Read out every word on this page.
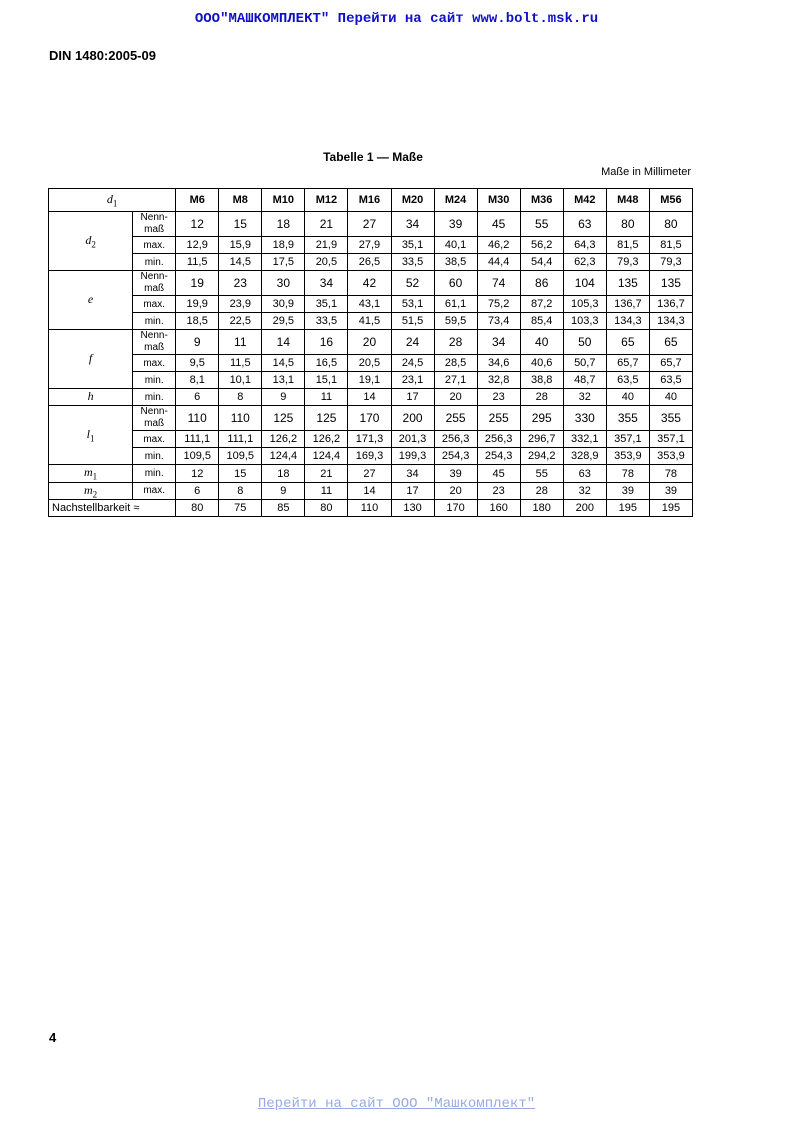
ООО"МАШКОМПЛЕКТ" Перейти на сайт www.bolt.msk.ru
DIN 1480:2005-09
Tabelle 1 — Maße
Maße in Millimeter
$d_1$		M6	M8	M10	M12	M16	M20	M24	M30	M36	M42	M48	M56
$d_2$	Nenn-maß	12	15	18	21	27	34	39	45	55	63	80	80
	max.	12,9	15,9	18,9	21,9	27,9	35,1	40,1	46,2	56,2	64,3	81,5	81,5
	min.	11,5	14,5	17,5	20,5	26,5	33,5	38,5	44,4	54,4	62,3	79,3	79,3
e	Nenn-maß	19	23	30	34	42	52	60	74	86	104	135	135
	max.	19,9	23,9	30,9	35,1	43,1	53,1	61,1	75,2	87,2	105,3	136,7	136,7
	min.	18,5	22,5	29,5	33,5	41,5	51,5	59,5	73,4	85,4	103,3	134,3	134,3
f	Nenn-maß	9	11	14	16	20	24	28	34	40	50	65	65
	max.	9,5	11,5	14,5	16,5	20,5	24,5	28,5	34,6	40,6	50,7	65,7	65,7
	min.	8,1	10,1	13,1	15,1	19,1	23,1	27,1	32,8	38,8	48,7	63,5	63,5
h	min.	6	8	9	11	14	17	20	23	28	32	40	40
$l_1$	Nenn-maß	110	110	125	125	170	200	255	255	295	330	355	355
	max.	111,1	111,1	126,2	126,2	171,3	201,3	256,3	256,3	296,7	332,1	357,1	357,1
	min.	109,5	109,5	124,4	124,4	169,3	199,3	254,3	254,3	294,2	328,9	353,9	353,9
$m_1$	min.	12	15	18	21	27	34	39	45	55	63	78	78
$m_2$	max.	6	8	9	11	14	17	20	23	28	32	39	39
Nachstellbarkeit ≈		80	75	85	80	110	130	170	160	180	200	195	195
4
Перейти на сайт ООО "Машкомплект"
